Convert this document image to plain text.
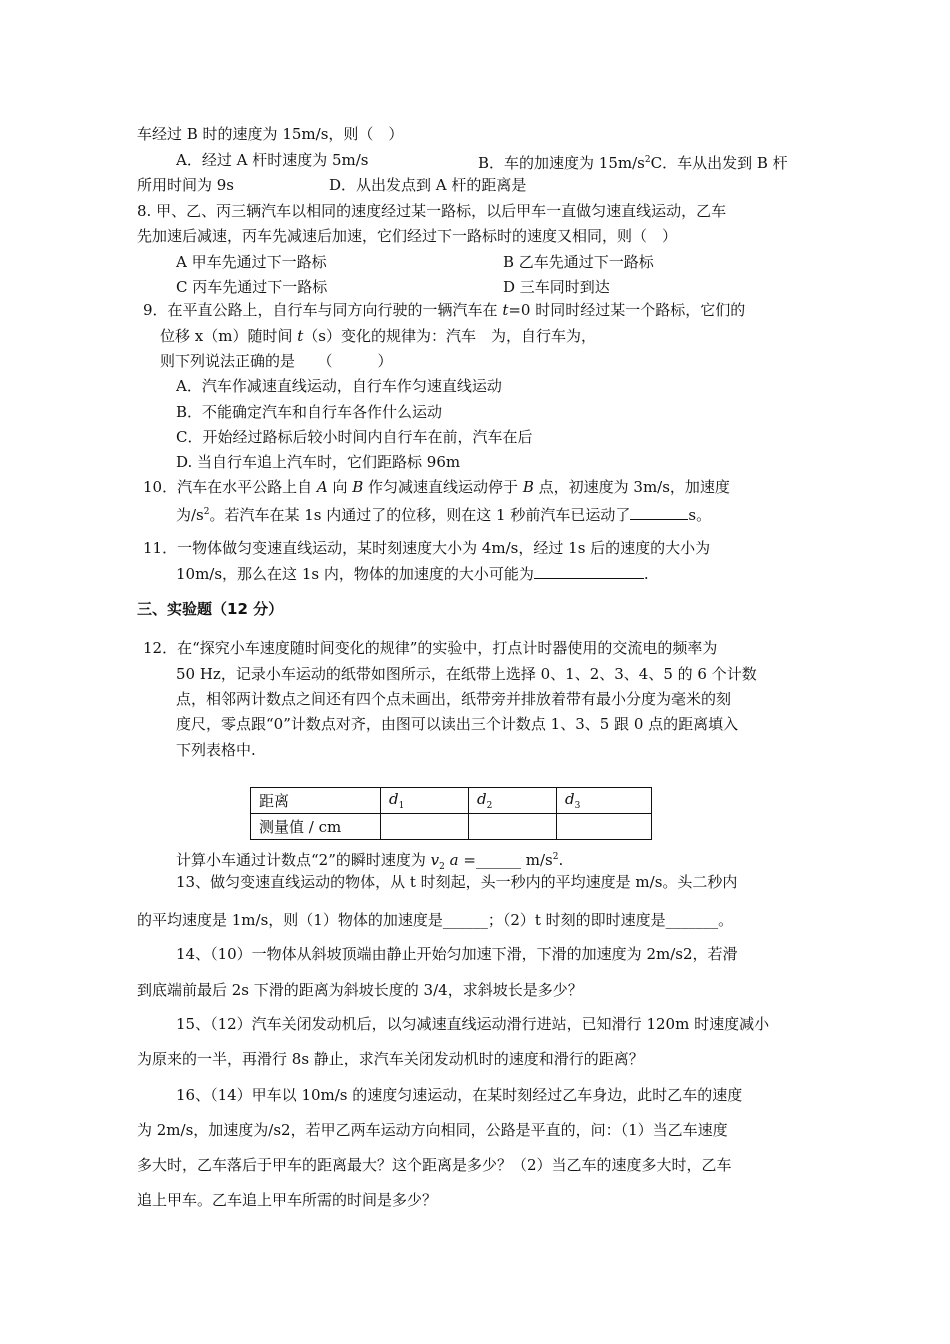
车经过 B 时的速度为 15m/s，则（　）
A．经过 A 杆时速度为 5m/s	B．车的加速度为 $15m/s^2C$．车从出发到 B 杆
所用时间为 9s	D．从出发点到 A 杆的距离是
8. 甲、乙、丙三辆汽车以相同的速度经过某一路标，以后甲车一直做匀速直线运动，乙车
先加速后减速，丙车先减速后加速，它们经过下一路标时的速度又相同，则（　）
A 甲车先通过下一路标	B 乙车先通过下一路标
C 丙车先通过下一路标	D 三车同时到达
9．在平直公路上，自行车与同方向行驶的一辆汽车在 t=0 时同时经过某一个路标，它们的
位移 x（m）随时间 t（s）变化的规律为：汽车　为，自行车为，
则下列说法正确的是　　（　　　）
A．汽车作减速直线运动，自行车作匀速直线运动
B．不能确定汽车和自行车各作什么运动
C．开始经过路标后较小时间内自行车在前，汽车在后
D. 当自行车追上汽车时，它们距路标 96m
10．汽车在水平公路上自 A 向 B 作匀减速直线运动停于 B 点，初速度为 3m/s，加速度
为$/s^2$。若汽车在某 1s 内通过了的位移，则在这 1 秒前汽车已运动了	s。
11．一物体做匀变速直线运动，某时刻速度大小为 4m/s，经过 1s 后的速度的大小为
10m/s，那么在这 1s 内，物体的加速度的大小可能为	.
三、实验题（12 分）
12．在“探究小车速度随时间变化的规律”的实验中，打点计时器使用的交流电的频率为
50 Hz，记录小车运动的纸带如图所示，在纸带上选择 0、1、2、3、4、5 的 6 个计数
点，相邻两计数点之间还有四个点未画出，纸带旁并排放着带有最小分度为毫米的刻
度尺，零点跟“0”计数点对齐，由图可以读出三个计数点 1、3、5 跟 0 点的距离填入
下列表格中.
距离	$d_1$	$d_2$	$d_3$
测量值 / cm			
计算小车通过计数点“2”的瞬时速度为 $v_2$ a =______ $m/s^2$.
13、做匀变速直线运动的物体，从 t 时刻起，头一秒内的平均速度是 m/s。头二秒内
的平均速度是 1m/s，则（1）物体的加速度是______；（2）t 时刻的即时速度是_______。
14、（10）一物体从斜坡顶端由静止开始匀加速下滑，下滑的加速度为 2m/s2，若滑
到底端前最后 2s 下滑的距离为斜坡长度的 3/4，求斜坡长是多少？
15、（12）汽车关闭发动机后，以匀减速直线运动滑行进站，已知滑行 120m 时速度减小
为原来的一半，再滑行 8s 静止，求汽车关闭发动机时的速度和滑行的距离？
16、（14）甲车以 10m/s 的速度匀速运动，在某时刻经过乙车身边，此时乙车的速度
为 2m/s，加速度为/s2，若甲乙两车运动方向相同，公路是平直的，问：（1）当乙车速度
多大时，乙车落后于甲车的距离最大？这个距离是多少？（2）当乙车的速度多大时，乙车
追上甲车。乙车追上甲车所需的时间是多少？
